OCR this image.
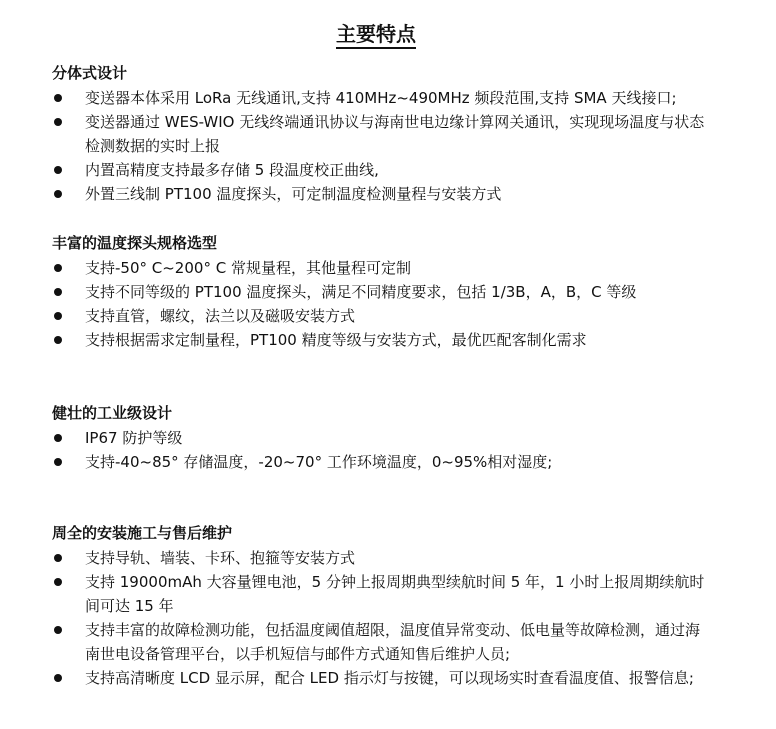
主要特点
分体式设计
变送器本体采用 LoRa 无线通讯,支持 410MHz~490MHz 频段范围,支持 SMA 天线接口;
变送器通过 WES-WIO 无线终端通讯协议与海南世电边缘计算网关通讯，实现现场温度与状态检测数据的实时上报
内置高精度支持最多存储 5 段温度校正曲线,
外置三线制 PT100 温度探头，可定制温度检测量程与安装方式
丰富的温度探头规格选型
支持-50° C~200° C 常规量程，其他量程可定制
支持不同等级的 PT100 温度探头，满足不同精度要求，包括 1/3B，A，B，C 等级
支持直管，螺纹，法兰以及磁吸安装方式
支持根据需求定制量程，PT100 精度等级与安装方式，最优匹配客制化需求
健壮的工业级设计
IP67 防护等级
支持-40~85° 存储温度，-20~70° 工作环境温度，0~95%相对湿度;
周全的安装施工与售后维护
支持导轨、墙装、卡环、抱箍等安装方式
支持 19000mAh 大容量锂电池，5 分钟上报周期典型续航时间 5 年，1 小时上报周期续航时间可达 15 年
支持丰富的故障检测功能，包括温度阈值超限，温度值异常变动、低电量等故障检测，通过海南世电设备管理平台，以手机短信与邮件方式通知售后维护人员;
支持高清晰度 LCD 显示屏，配合 LED 指示灯与按键，可以现场实时查看温度值、报警信息;
